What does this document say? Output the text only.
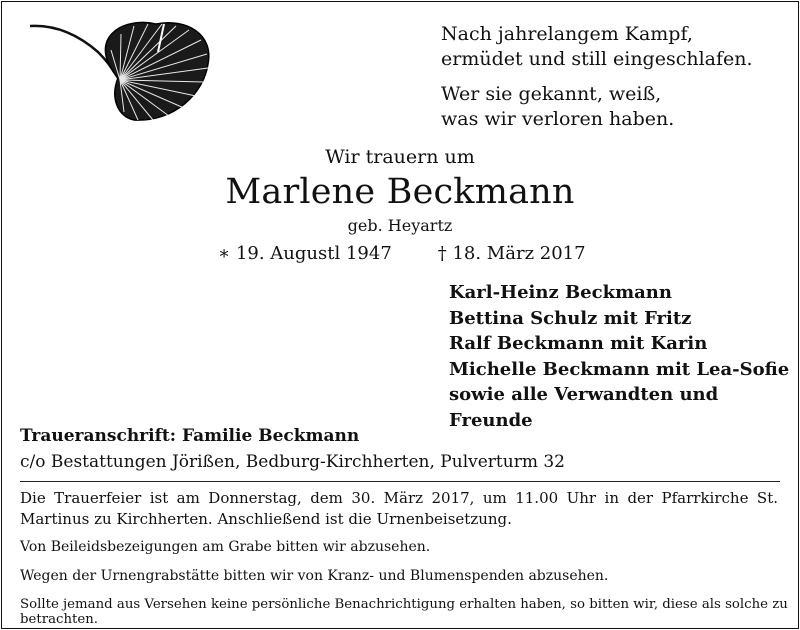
Nach jahrelangem Kampf,
ermüdet und still eingeschlafen.

Wer sie gekannt, weiß,
was wir verloren haben.

Wir trauern um
Marlene Beckmann
geb. Heyartz
∗ 19. Augustl 1947	† 18. März 2017
Karl-Heinz Beckmann
Bettina Schulz mit Fritz
Ralf Beckmann mit Karin
Michelle Beckmann mit Lea-Sofie
sowie alle Verwandten und Freunde
Traueranschrift: Familie Beckmann
c/o Bestattungen Jörißen, Bedburg-Kirchherten, Pulverturm 32
Die Trauerfeier ist am Donnerstag, dem 30. März 2017, um 11.00 Uhr in der Pfarrkirche St. Martinus zu Kirchherten. Anschließend ist die Urnenbeisetzung.
Von Beileidsbezeigungen am Grabe bitten wir abzusehen.
Wegen der Urnengrabstätte bitten wir von Kranz- und Blumenspenden abzusehen.
Sollte jemand aus Versehen keine persönliche Benachrichtigung erhalten haben, so bitten wir, diese als solche zu betrachten.
